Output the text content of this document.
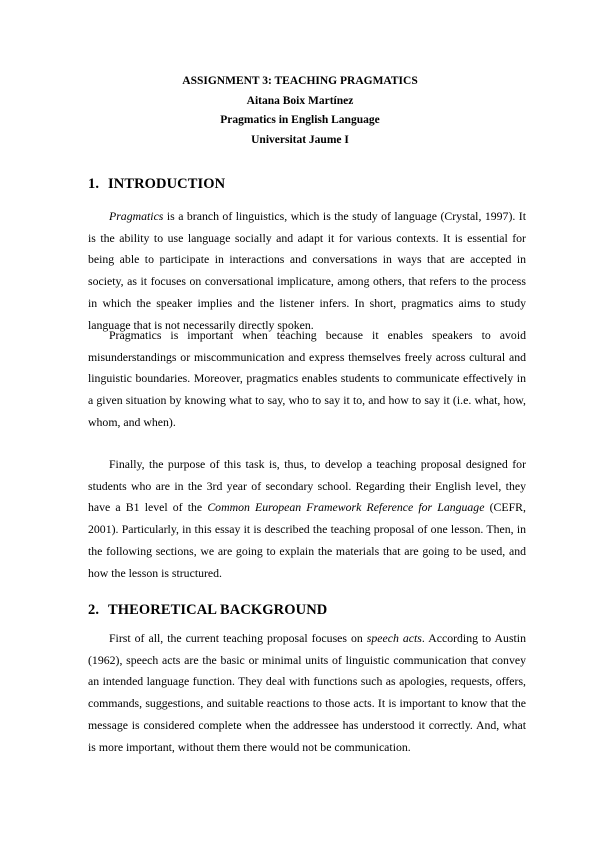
ASSIGNMENT 3: TEACHING PRAGMATICS
Aitana Boix Martínez
Pragmatics in English Language
Universitat Jaume I
1. INTRODUCTION

Pragmatics is a branch of linguistics, which is the study of language (Crystal, 1997). It is the ability to use language socially and adapt it for various contexts. It is essential for being able to participate in interactions and conversations in ways that are accepted in society, as it focuses on conversational implicature, among others, that refers to the process in which the speaker implies and the listener infers. In short, pragmatics aims to study language that is not necessarily directly spoken.

Pragmatics is important when teaching because it enables speakers to avoid misunderstandings or miscommunication and express themselves freely across cultural and linguistic boundaries. Moreover, pragmatics enables students to communicate effectively in a given situation by knowing what to say, who to say it to, and how to say it (i.e. what, how, whom, and when).

Finally, the purpose of this task is, thus, to develop a teaching proposal designed for students who are in the 3rd year of secondary school. Regarding their English level, they have a B1 level of the Common European Framework Reference for Language (CEFR, 2001). Particularly, in this essay it is described the teaching proposal of one lesson. Then, in the following sections, we are going to explain the materials that are going to be used, and how the lesson is structured.

2. THEORETICAL BACKGROUND

First of all, the current teaching proposal focuses on speech acts. According to Austin (1962), speech acts are the basic or minimal units of linguistic communication that convey an intended language function. They deal with functions such as apologies, requests, offers, commands, suggestions, and suitable reactions to those acts. It is important to know that the message is considered complete when the addressee has understood it correctly. And, what is more important, without them there would not be communication.
